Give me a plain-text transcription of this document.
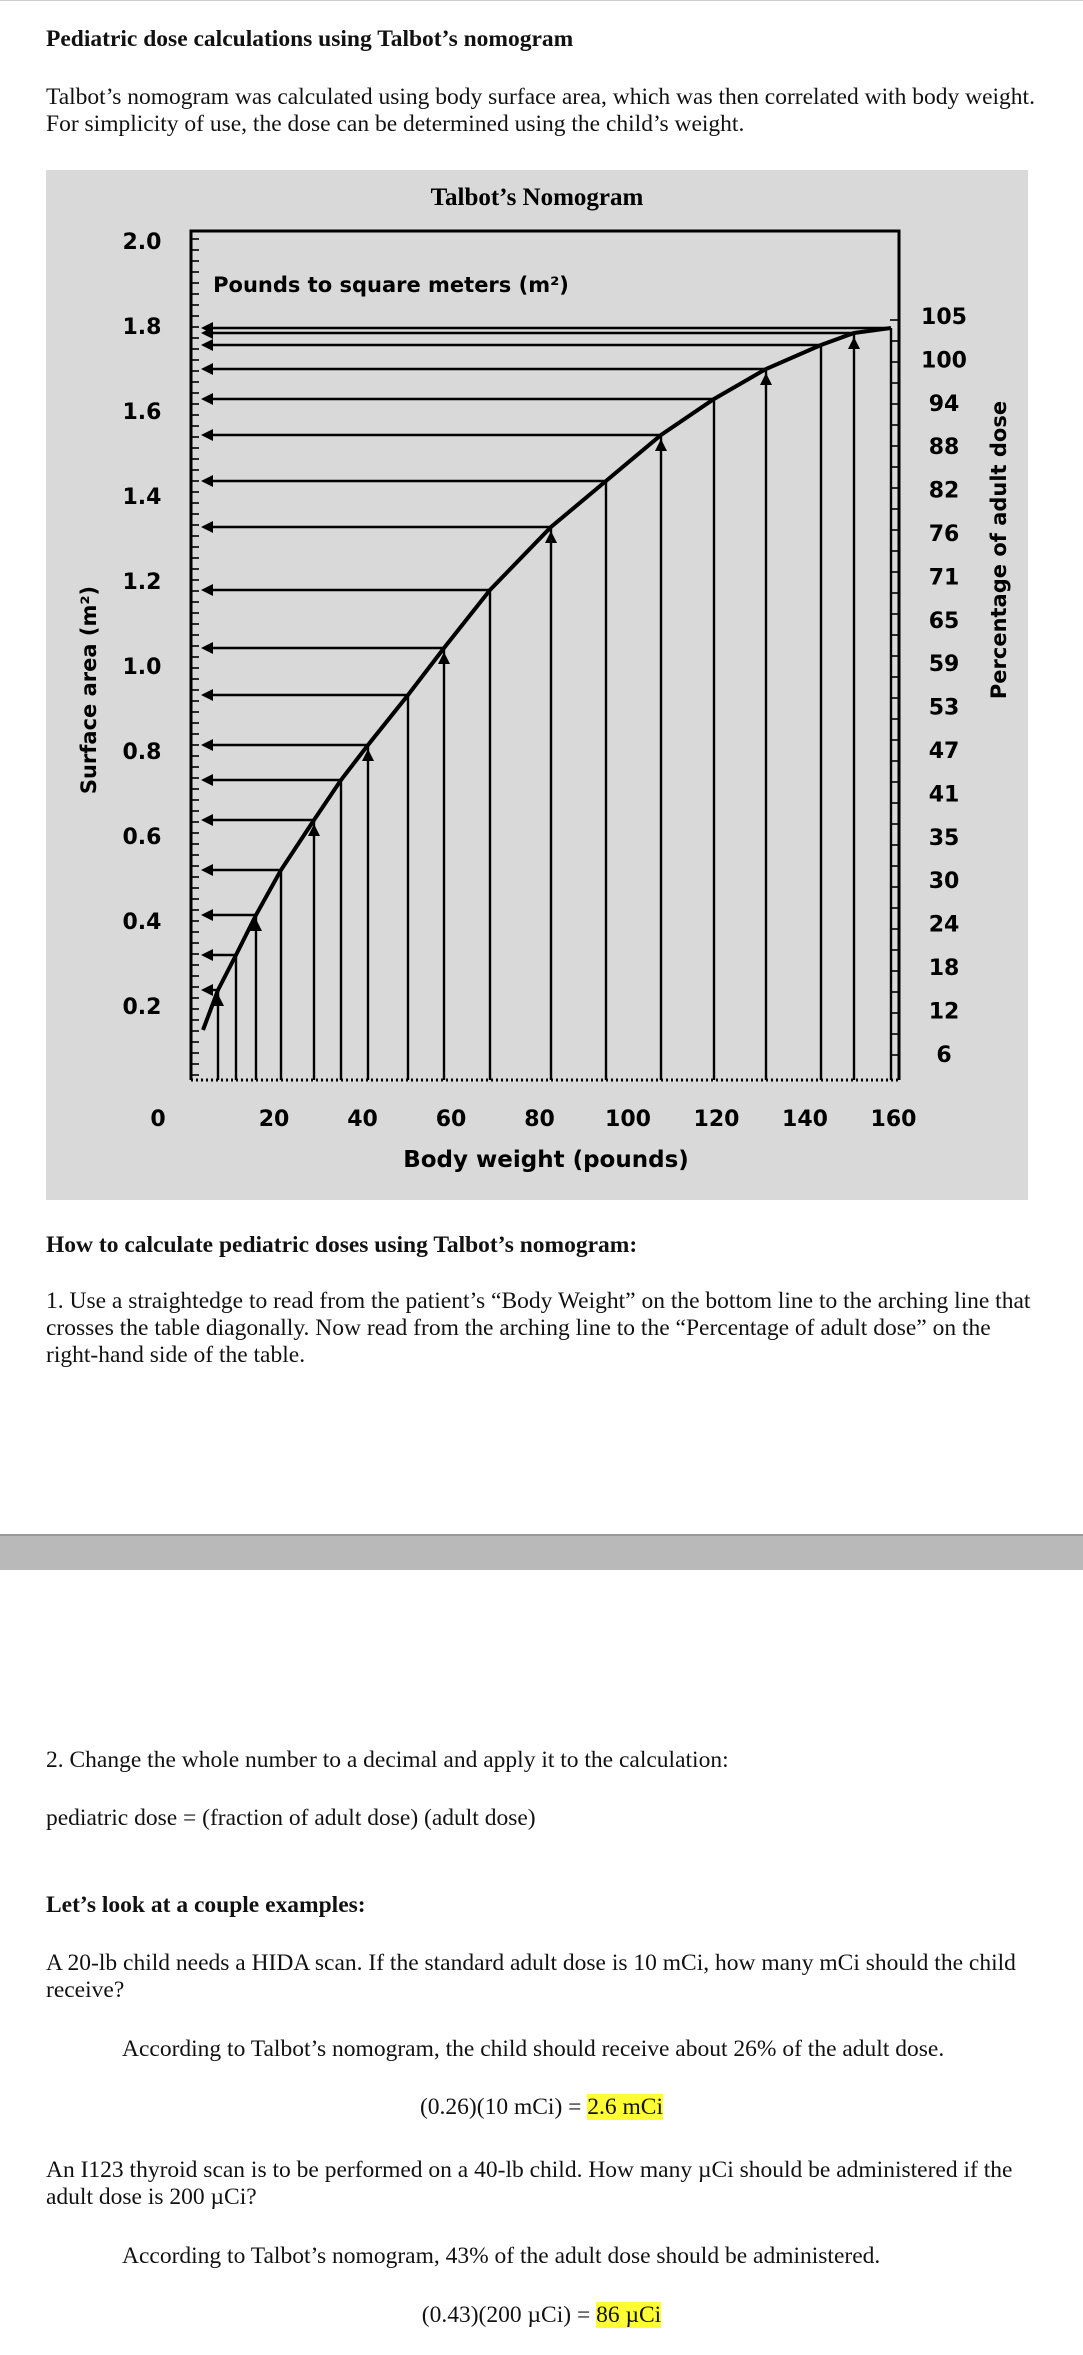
Pediatric dose calculations using Talbot’s nomogram

Talbot’s nomogram was calculated using body surface area, which was then correlated with body weight. For simplicity of use, the dose can be determined using the child’s weight.

Talbot’s Nomogram
Pounds to square meters (m²)
Surface area (m²)	Percentage of adult dose
Body weight (pounds)
2.0
1.8
1.6
1.4
1.2
1.0
0.8
0.6
0.4
0.2
105
100
94
88
82
76
71
65
59
53
47
41
35
30
24
18
12
6
0	20	40	60	80 100 120 140 160

How to calculate pediatric doses using Talbot’s nomogram:

1. Use a straightedge to read from the patient’s “Body Weight” on the bottom line to the arching line that crosses the table diagonally. Now read from the arching line to the “Percentage of adult dose” on the right-hand side of the table.

2. Change the whole number to a decimal and apply it to the calculation:

pediatric dose = (fraction of adult dose) (adult dose)

Let’s look at a couple examples:

A 20-lb child needs a HIDA scan. If the standard adult dose is 10 mCi, how many mCi should the child receive?

According to Talbot’s nomogram, the child should receive about 26% of the adult dose.

(0.26)(10 mCi) = 2.6 mCi

An I123 thyroid scan is to be performed on a 40-lb child. How many µCi should be administered if the adult dose is 200 µCi?

According to Talbot’s nomogram, 43% of the adult dose should be administered.

(0.43)(200 µCi) = 86 µCi
